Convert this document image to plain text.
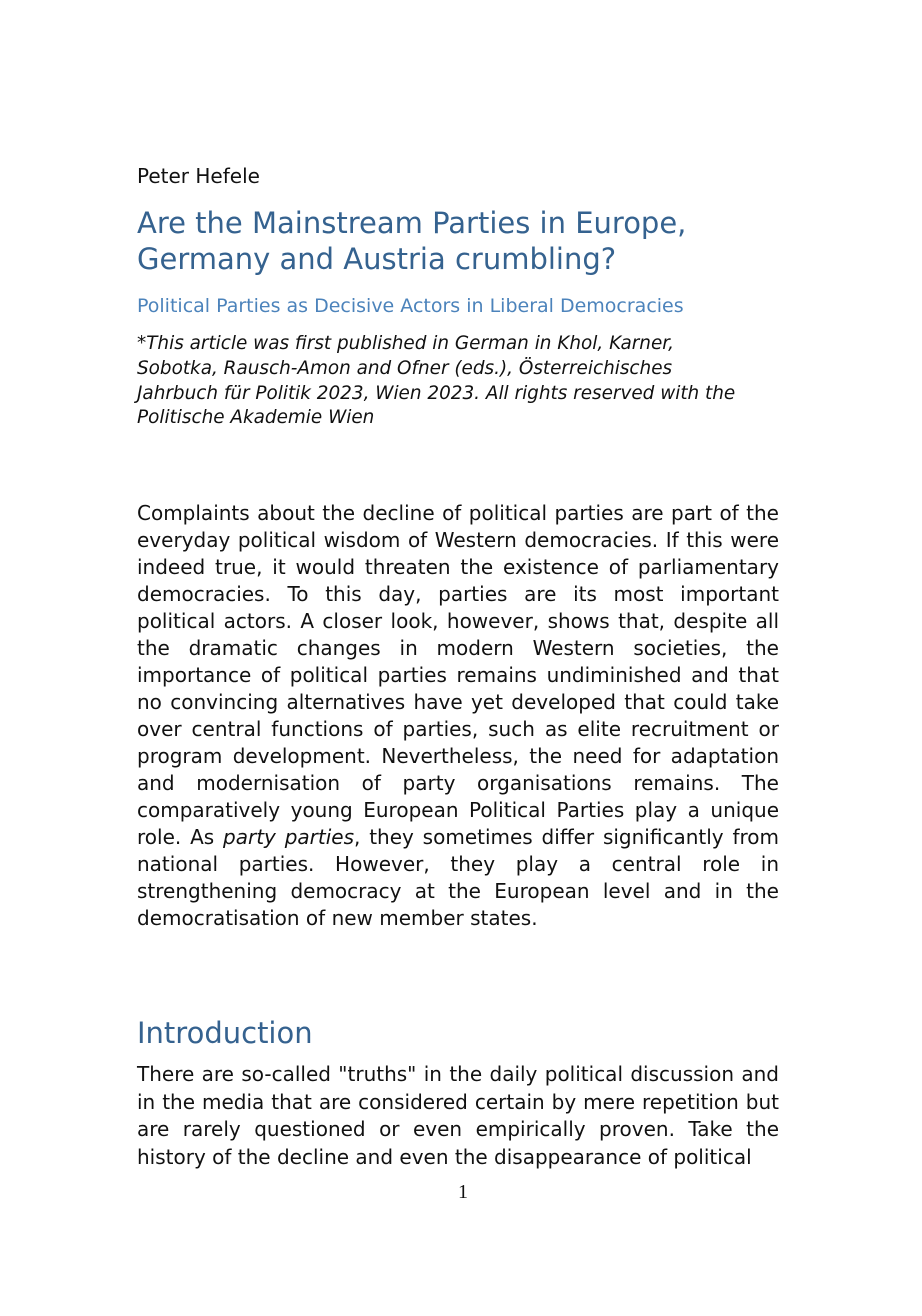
Peter Hefele
Are the Mainstream Parties in Europe, Germany and Austria crumbling?
Political Parties as Decisive Actors in Liberal Democracies
*This article was first published in German in Khol, Karner,
Sobotka, Rausch-Amon and Ofner (eds.), Österreichisches
Jahrbuch für Politik 2023, Wien 2023. All rights reserved with the
Politische Akademie Wien

Complaints about the decline of political parties are part of the everyday political wisdom of Western democracies. If this were indeed true, it would threaten the existence of parliamentary democracies. To this day, parties are its most important political actors. A closer look, however, shows that, despite all the dramatic changes in modern Western societies, the importance of political parties remains undiminished and that no convincing alternatives have yet developed that could take over central functions of parties, such as elite recruitment or program development. Nevertheless, the need for adaptation and modernisation of party organisations remains. The comparatively young European Political Parties play a unique role. As party parties, they sometimes differ significantly from national parties. However, they play a central role in strengthening democracy at the European level and in the democratisation of new member states.

Introduction

There are so-called "truths" in the daily political discussion and in the media that are considered certain by mere repetition but are rarely questioned or even empirically proven. Take the history of the decline and even the disappearance of political

1
